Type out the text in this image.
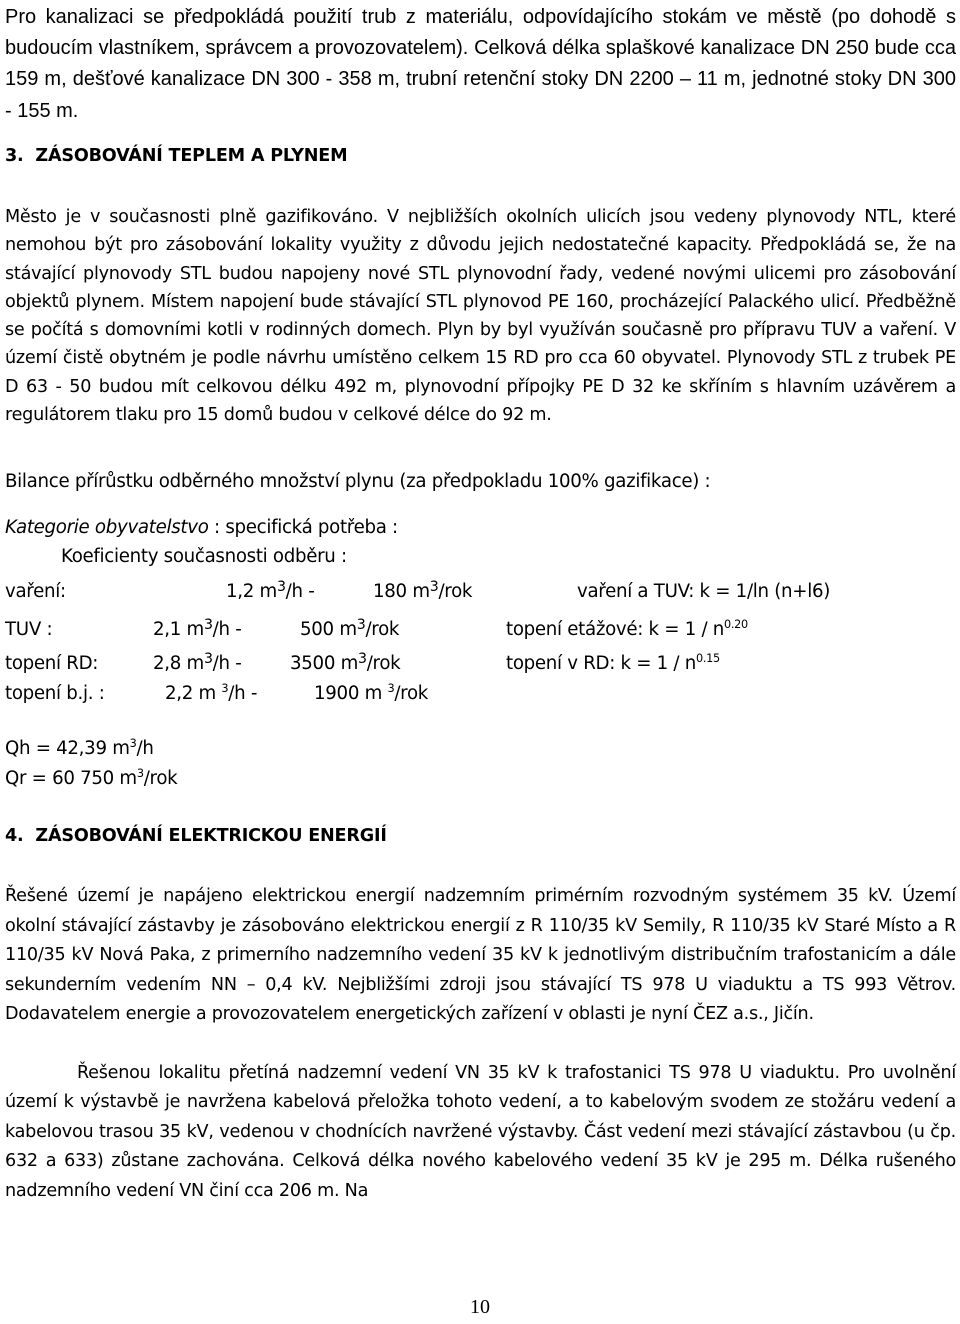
Pro kanalizaci se předpokládá použití trub z materiálu, odpovídajícího stokám ve městě (po dohodě s budoucím vlastníkem, správcem a provozovatelem). Celková délka splaškové kanalizace DN 250 bude cca 159 m, dešťové kanalizace DN 300 - 358 m, trubní retenční stoky DN 2200 – 11 m, jednotné stoky DN 300 - 155 m.
3. ZÁSOBOVÁNÍ TEPLEM A PLYNEM
Město je v současnosti plně gazifikováno. V nejbližších okolních ulicích jsou vedeny plynovody NTL, které nemohou být pro zásobování lokality využity z důvodu jejich nedostatečné kapacity. Předpokládá se, že na stávající plynovody STL budou napojeny nové STL plynovodní řady, vedené novými ulicemi pro zásobování objektů plynem. Místem napojení bude stávající STL plynovod PE 160, procházející Palackého ulicí. Předběžně se počítá s domovními kotli v rodinných domech. Plyn by byl využíván současně pro přípravu TUV a vaření. V území čistě obytném je podle návrhu umístěno celkem 15 RD pro cca 60 obyvatel. Plynovody STL z trubek PE D 63 - 50 budou mít celkovou délku 492 m, plynovodní přípojky PE D 32 ke skříním s hlavním uzávěrem a regulátorem tlaku pro 15 domů budou v celkové délce do 92 m.
Bilance přírůstku odběrného množství plynu (za předpokladu 100% gazifikace) :
Kategorie obyvatelstvo : specifická potřeba :
Koeficienty současnosti odběru :
vaření:	1,2 $m^3/h$ -	180 $m^3$/rok	vaření a TUV: k = 1/ln (n+l6)
TUV :	2,1 $m^3/h$ -	500 $m^3$/rok	topení etážové: $k = 1 / n^{0.20}$
topení RD:	2,8 $m^3/h$ -	3500 $m^3$/rok	topení v RD: $k = 1 / n^{0.15}$
topení b.j. :	2,2 m $^3$/h -	1900 m $^3$/rok
Qh = 42,39 $m^3/h$
Qr = 60 750 $m^3$/rok
4. ZÁSOBOVÁNÍ ELEKTRICKOU ENERGIÍ
Řešené území je napájeno elektrickou energií nadzemním primérním rozvodným systémem 35 kV. Území okolní stávající zástavby je zásobováno elektrickou energií z R 110/35 kV Semily, R 110/35 kV Staré Místo a R 110/35 kV Nová Paka, z primerního nadzemního vedení 35 kV k jednotlivým distribučním trafostanicím a dále sekunderním vedením NN – 0,4 kV. Nejbližšími zdroji jsou stávající TS 978 U viaduktu a TS 993 Větrov. Dodavatelem energie a provozovatelem energetických zařízení v oblasti je nyní ČEZ a.s., Jičín.
Řešenou lokalitu přetíná nadzemní vedení VN 35 kV k trafostanici TS 978 U viaduktu. Pro uvolnění území k výstavbě je navržena kabelová přeložka tohoto vedení, a to kabelovým svodem ze stožáru vedení a kabelovou trasou 35 kV, vedenou v chodnících navržené výstavby. Část vedení mezi stávající zástavbou (u čp. 632 a 633) zůstane zachována. Celková délka nového kabelového vedení 35 kV je 295 m. Délka rušeného nadzemního vedení VN činí cca 206 m. Na
10
